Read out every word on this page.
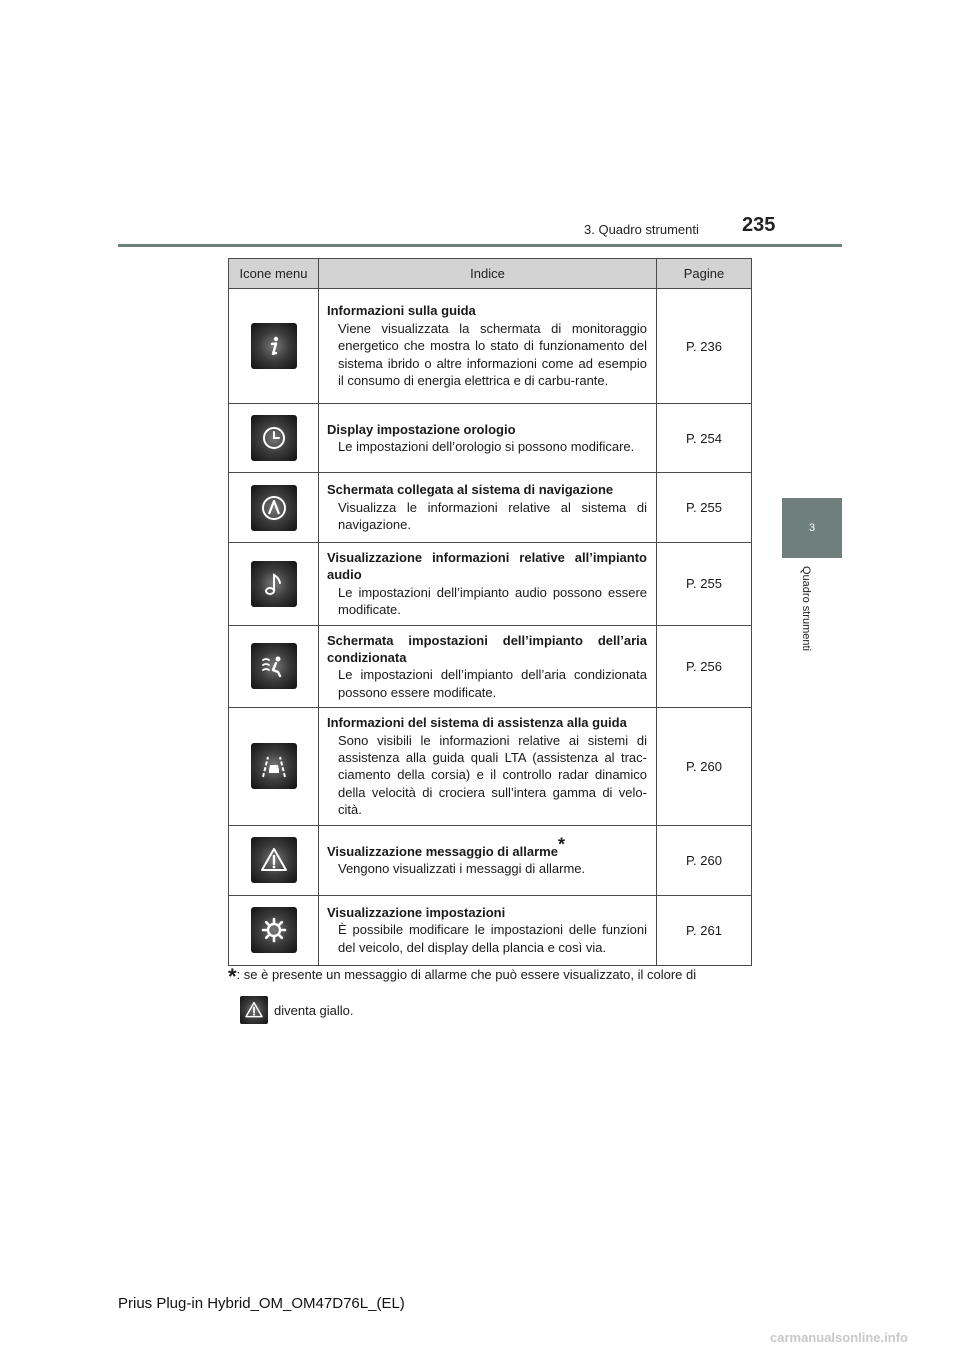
3. Quadro strumenti 235
3
Quadro strumenti
Icone menu	Indice	Pagine

Informazioni sulla guida
Viene visualizzata la schermata di monitoraggio energetico che mostra lo stato di funzionamento del sistema ibrido o altre informazioni come ad esempio il consumo di energia elettrica e di carbu-rante.	P. 236

Display impostazione orologio
Le impostazioni dell’orologio si possono modificare.	P. 254

Schermata collegata al sistema di navigazione
Visualizza le informazioni relative al sistema di navigazione.	P. 255

Visualizzazione informazioni relative all’impianto audio
Le impostazioni dell’impianto audio possono essere modificate.	P. 255

Schermata impostazioni dell’impianto dell’aria condizionata
Le impostazioni dell’impianto dell’aria condizionata possono essere modificate.	P. 256

Informazioni del sistema di assistenza alla guida
Sono visibili le informazioni relative ai sistemi di assistenza alla guida quali LTA (assistenza al trac-ciamento della corsia) e il controllo radar dinamico della velocità di crociera sull’intera gamma di velo-cità.	P. 260

Visualizzazione messaggio di allarme*
Vengono visualizzati i messaggi di allarme.	P. 260

Visualizzazione impostazioni
È possibile modificare le impostazioni delle funzioni del veicolo, del display della plancia e così via.	P. 261
*: se è presente un messaggio di allarme che può essere visualizzato, il colore di
diventa giallo.
Prius Plug-in Hybrid_OM_OM47D76L_(EL)
carmanualsonline.info
